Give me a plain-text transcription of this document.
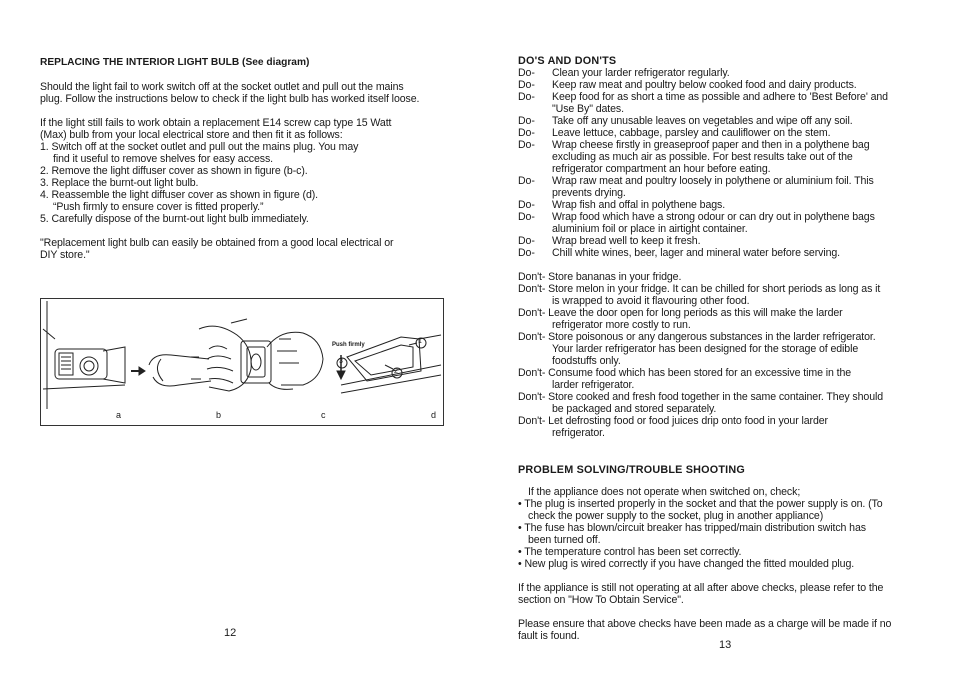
REPLACING THE INTERIOR LIGHT BULB (See diagram)
Should the light fail to work switch off at the socket outlet and pull out the mains
plug. Follow the instructions below to check if the light bulb has worked itself loose.
If the light still fails to work obtain a replacement E14 screw cap type 15 Watt
(Max) bulb from your local electrical store and then fit it as follows:
1. Switch off at the socket outlet and pull out the mains plug. You may
find it useful to remove shelves for easy access.
2. Remove the light diffuser cover as shown in figure (b-c).
3. Replace the burnt-out light bulb.
4. Reassemble the light diffuser cover as shown in figure (d).
“Push firmly to ensure cover is fitted properly.”
5. Carefully dispose of the burnt-out light bulb immediately.
"Replacement light bulb can easily be obtained from a good local electrical or
DIY store."
12
Push firmly	1
2
3
a	b	c	d
DO'S AND DON'TS
Do-	Clean your larder refrigerator regularly.
Do-	Keep raw meat and poultry below cooked food and dairy products.
Do-	Keep food for as short a time as possible and adhere to 'Best Before' and
"Use By" dates.
Do-	Take off any unusable leaves on vegetables and wipe off any soil.
Do-	Leave lettuce, cabbage, parsley and cauliflower on the stem.
Do-	Wrap cheese firstly in greaseproof paper and then in a polythene bag
excluding as much air as possible. For best results take out of the
refrigerator compartment an hour before eating.
Do-	Wrap raw meat and poultry loosely in polythene or aluminium foil. This
prevents drying.
Do-	Wrap fish and offal in polythene bags.
Do-	Wrap food which have a strong odour or can dry out in polythene bags
aluminium foil or place in airtight container.
Do-	Wrap bread well to keep it fresh.
Do-	Chill white wines, beer, lager and mineral water before serving.
Don't- Store bananas in your fridge.
Don't- Store melon in your fridge. It can be chilled for short periods as long as it
is wrapped to avoid it flavouring other food.
Don't- Leave the door open for long periods as this will make the larder
refrigerator more costly to run.
Don't- Store poisonous or any dangerous substances in the larder refrigerator.
Your larder refrigerator has been designed for the storage of edible
foodstuffs only.
Don't- Consume food which has been stored for an excessive time in the
larder refrigerator.
Don't- Store cooked and fresh food together in the same container. They should
be packaged and stored separately.
Don't- Let defrosting food or food juices drip onto food in your larder
refrigerator.
PROBLEM SOLVING/TROUBLE SHOOTING
If the appliance does not operate when switched on, check;
• The plug is inserted properly in the socket and that the power supply is on. (To
check the power supply to the socket, plug in another appliance)
• The fuse has blown/circuit breaker has tripped/main distribution switch has
been turned off.
• The temperature control has been set correctly.
• New plug is wired correctly if you have changed the fitted moulded plug.
If the appliance is still not operating at all after above checks, please refer to the
section on "How To Obtain Service".
Please ensure that above checks have been made as a charge will be made if no
fault is found.
13
